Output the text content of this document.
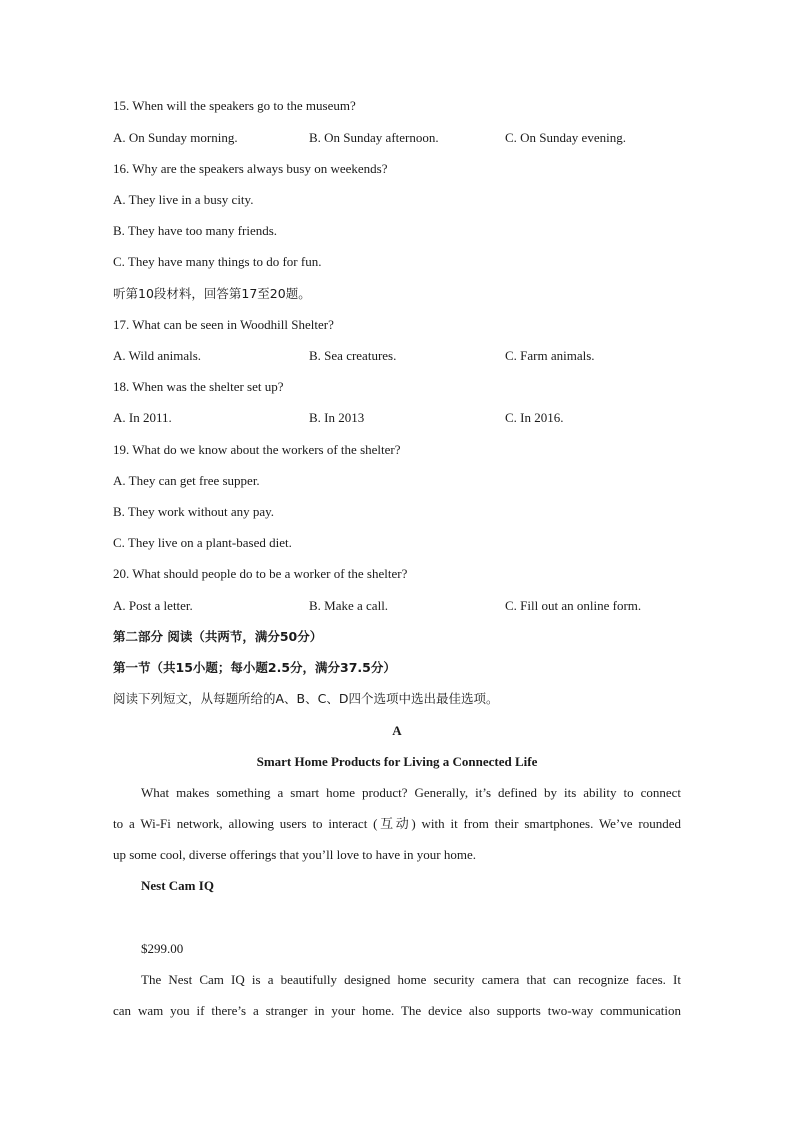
15. When will the speakers go to the museum?
A. On Sunday morning.	B. On Sunday afternoon.	C. On Sunday evening.
16. Why are the speakers always busy on weekends?
A. They live in a busy city.
B. They have too many friends.
C. They have many things to do for fun.
听第10段材料，回答第17至20题。
17. What can be seen in Woodhill Shelter?
A. Wild animals.	B. Sea creatures.	C. Farm animals.
18. When was the shelter set up?
A. In 2011.	B. In 2013	C. In 2016.
19. What do we know about the workers of the shelter?
A. They can get free supper.
B. They work without any pay.
C. They live on a plant-based diet.
20. What should people do to be a worker of the shelter?
A. Post a letter.	B. Make a call.	C. Fill out an online form.
第二部分 阅读（共两节，满分50分）
第一节（共15小题；每小题2.5分，满分37.5分）
阅读下列短文，从每题所给的A、B、C、D四个选项中选出最佳选项。
A
Smart Home Products for Living a Connected Life
What makes something a smart home product? Generally, it’s defined by its ability to connect
to a Wi-Fi network, allowing users to interact (互动) with it from their smartphones. We’ve rounded
up some cool, diverse offerings that you’ll love to have in your home.
Nest Cam IQ
$299.00
The Nest Cam IQ is a beautifully designed home security camera that can recognize faces. It
can wam you if there’s a stranger in your home. The device also supports two-way communication
